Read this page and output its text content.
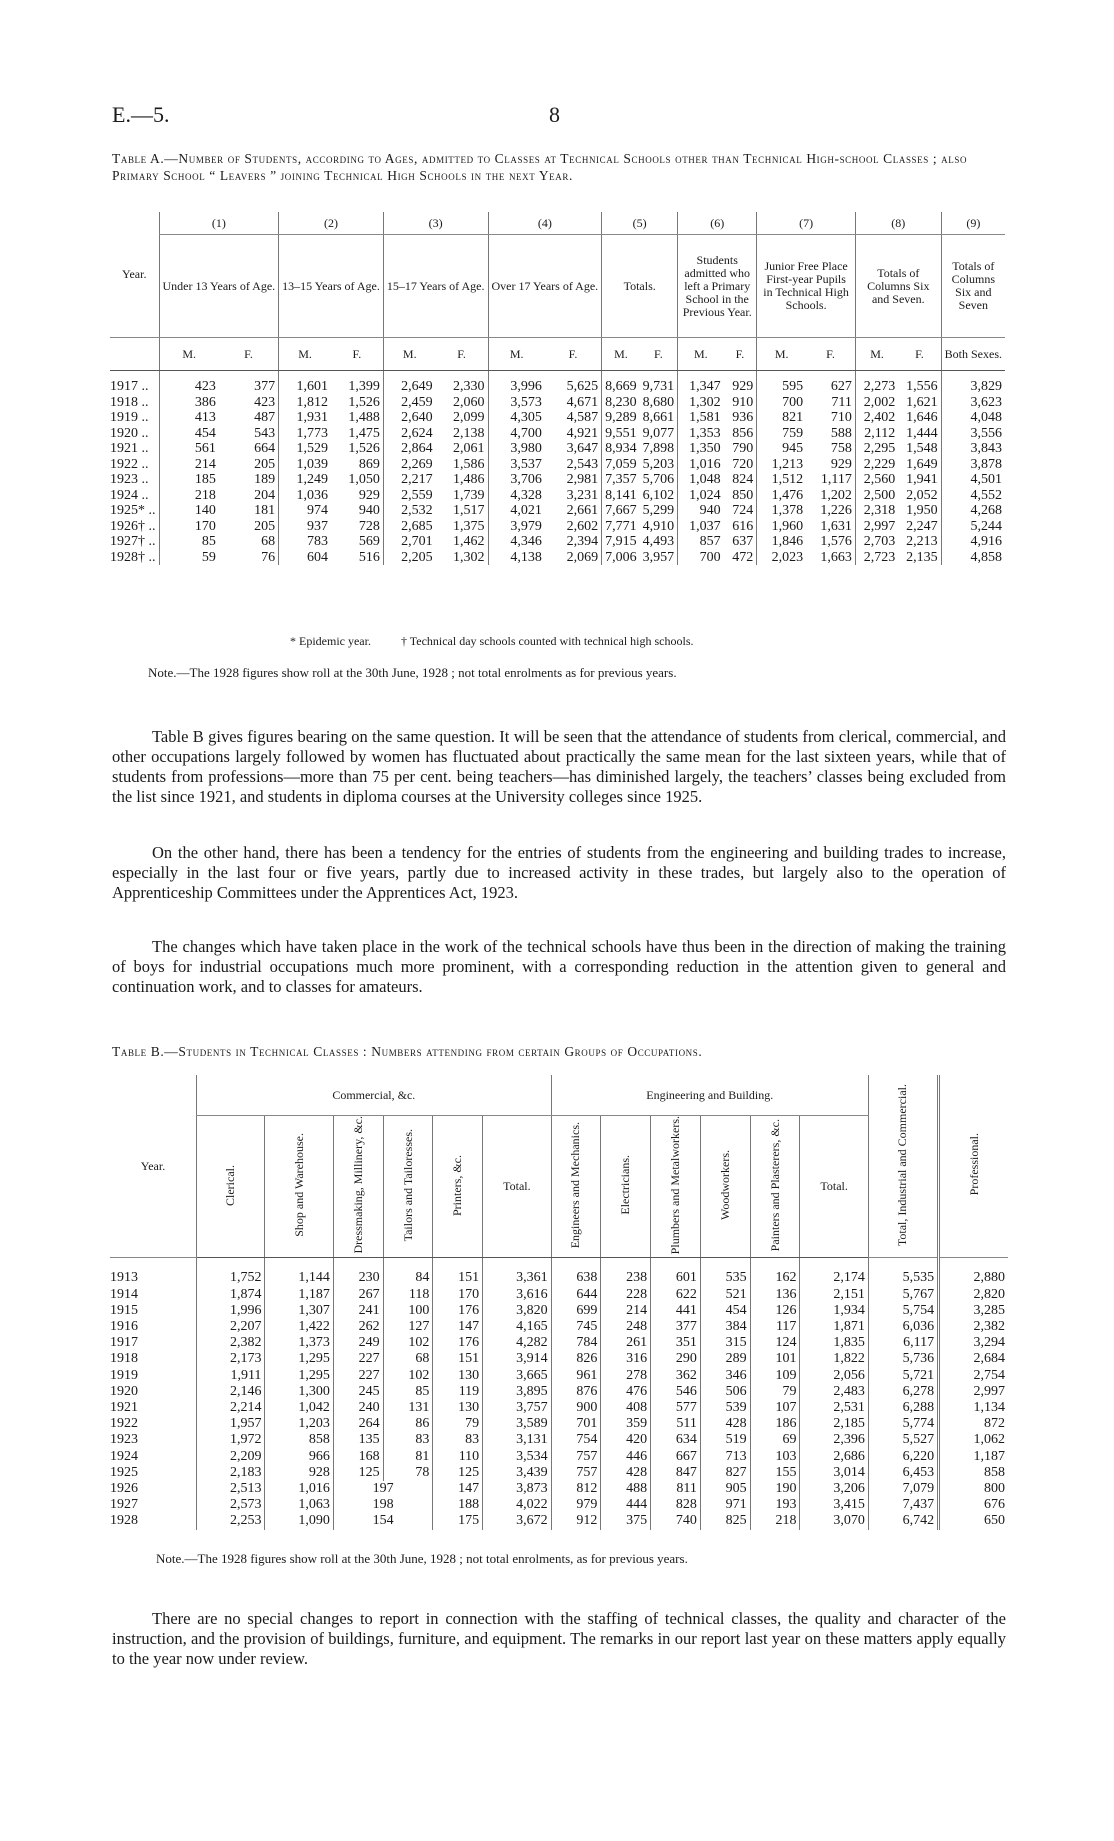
E.—5.	8
Table A.—Number of Students, according to Ages, admitted to Classes at Technical Schools other than Technical High-school Classes ; also Primary School “ Leavers ” joining Technical High Schools in the next Year.
Year.	(1)		(2)		(3)		(4)		(5)		(6)		(7)		(8)		(9)
	Under 13 Years of Age.		13–15 Years of Age.		15–17 Years of Age.		Over 17 Years of Age.		Totals.		Students admitted who left a Primary School in the Previous Year.		Junior Free Place First-year Pupils in Technical High Schools.		Totals of Columns Six and Seven.		Totals of Columns Six and Seven
	M.	F.	M.	F.	M.	F.	M.	F.	M.	F.	M.	F.	M.	F.	M.	F.	Both Sexes.
1917 ..	423	377	1,601	1,399	2,649	2,330	3,996	5,625	8,669	9,731	1,347	929	595	627	2,273	1,556	3,829
1918 ..	386	423	1,812	1,526	2,459	2,060	3,573	4,671	8,230	8,680	1,302	910	700	711	2,002	1,621	3,623
1919 ..	413	487	1,931	1,488	2,640	2,099	4,305	4,587	9,289	8,661	1,581	936	821	710	2,402	1,646	4,048
1920 ..	454	543	1,773	1,475	2,624	2,138	4,700	4,921	9,551	9,077	1,353	856	759	588	2,112	1,444	3,556
1921 ..	561	664	1,529	1,526	2,864	2,061	3,980	3,647	8,934	7,898	1,350	790	945	758	2,295	1,548	3,843
1922 ..	214	205	1,039	869	2,269	1,586	3,537	2,543	7,059	5,203	1,016	720	1,213	929	2,229	1,649	3,878
1923 ..	185	189	1,249	1,050	2,217	1,486	3,706	2,981	7,357	5,706	1,048	824	1,512	1,117	2,560	1,941	4,501
1924 ..	218	204	1,036	929	2,559	1,739	4,328	3,231	8,141	6,102	1,024	850	1,476	1,202	2,500	2,052	4,552
1925* ..	140	181	974	940	2,532	1,517	4,021	2,661	7,667	5,299	940	724	1,378	1,226	2,318	1,950	4,268
1926† ..	170	205	937	728	2,685	1,375	3,979	2,602	7,771	4,910	1,037	616	1,960	1,631	2,997	2,247	5,244
1927† ..	85	68	783	569	2,701	1,462	4,346	2,394	7,915	4,493	857	637	1,846	1,576	2,703	2,213	4,916
1928† ..	59	76	604	516	2,205	1,302	4,138	2,069	7,006	3,957	700	472	2,023	1,663	2,723	2,135	4,858
* Epidemic year.          † Technical day schools counted with technical high schools.
Note.—The 1928 figures show roll at the 30th June, 1928 ; not total enrolments as for previous years.

Table B gives figures bearing on the same question. It will be seen that the attendance of students from clerical, commercial, and other occupations largely followed by women has fluctuated about practically the same mean for the last sixteen years, while that of students from professions—more than 75 per cent. being teachers—has diminished largely, the teachers’ classes being excluded from the list since 1921, and students in diploma courses at the University colleges since 1925.

On the other hand, there has been a tendency for the entries of students from the engineering and building trades to increase, especially in the last four or five years, partly due to increased activity in these trades, but largely also to the operation of Apprenticeship Committees under the Apprentices Act, 1923.

The changes which have taken place in the work of the technical schools have thus been in the direction of making the training of boys for industrial occupations much more prominent, with a corresponding reduction in the attention given to general and continuation work, and to classes for amateurs.

Table B.—Students in Technical Classes : Numbers attending from certain Groups of Occupations.
Year.	Commercial, &c.						Engineering and Building.						Total, Industrial and Commercial.	Professional.
	Clerical.	Shop and Warehouse.	Dressmaking, Millinery, &c.	Tailors and Tailoresses.	Printers, &c.	Total.	Engineers and Mechanics.	Electricians.	Plumbers and Metalworkers.	Woodworkers.	Painters and Plasterers, &c.	Total.		
1913	1,752	1,144	230	84	151	3,361	638	238	601	535	162	2,174	5,535	2,880
1914	1,874	1,187	267	118	170	3,616	644	228	622	521	136	2,151	5,767	2,820
1915	1,996	1,307	241	100	176	3,820	699	214	441	454	126	1,934	5,754	3,285
1916	2,207	1,422	262	127	147	4,165	745	248	377	384	117	1,871	6,036	2,382
1917	2,382	1,373	249	102	176	4,282	784	261	351	315	124	1,835	6,117	3,294
1918	2,173	1,295	227	68	151	3,914	826	316	290	289	101	1,822	5,736	2,684
1919	1,911	1,295	227	102	130	3,665	961	278	362	346	109	2,056	5,721	2,754
1920	2,146	1,300	245	85	119	3,895	876	476	546	506	79	2,483	6,278	2,997
1921	2,214	1,042	240	131	130	3,757	900	408	577	539	107	2,531	6,288	1,134
1922	1,957	1,203	264	86	79	3,589	701	359	511	428	186	2,185	5,774	872
1923	1,972	858	135	83	83	3,131	754	420	634	519	69	2,396	5,527	1,062
1924	2,209	966	168	81	110	3,534	757	446	667	713	103	2,686	6,220	1,187
1925	2,183	928	125	78	125	3,439	757	428	847	827	155	3,014	6,453	858
1926	2,513	1,016	197		147	3,873	812	488	811	905	190	3,206	7,079	800
1927	2,573	1,063	198		188	4,022	979	444	828	971	193	3,415	7,437	676
1928	2,253	1,090	154		175	3,672	912	375	740	825	218	3,070	6,742	650
Note.—The 1928 figures show roll at the 30th June, 1928 ; not total enrolments, as for previous years.

There are no special changes to report in connection with the staffing of technical classes, the quality and character of the instruction, and the provision of buildings, furniture, and equipment. The remarks in our report last year on these matters apply equally to the year now under review.
